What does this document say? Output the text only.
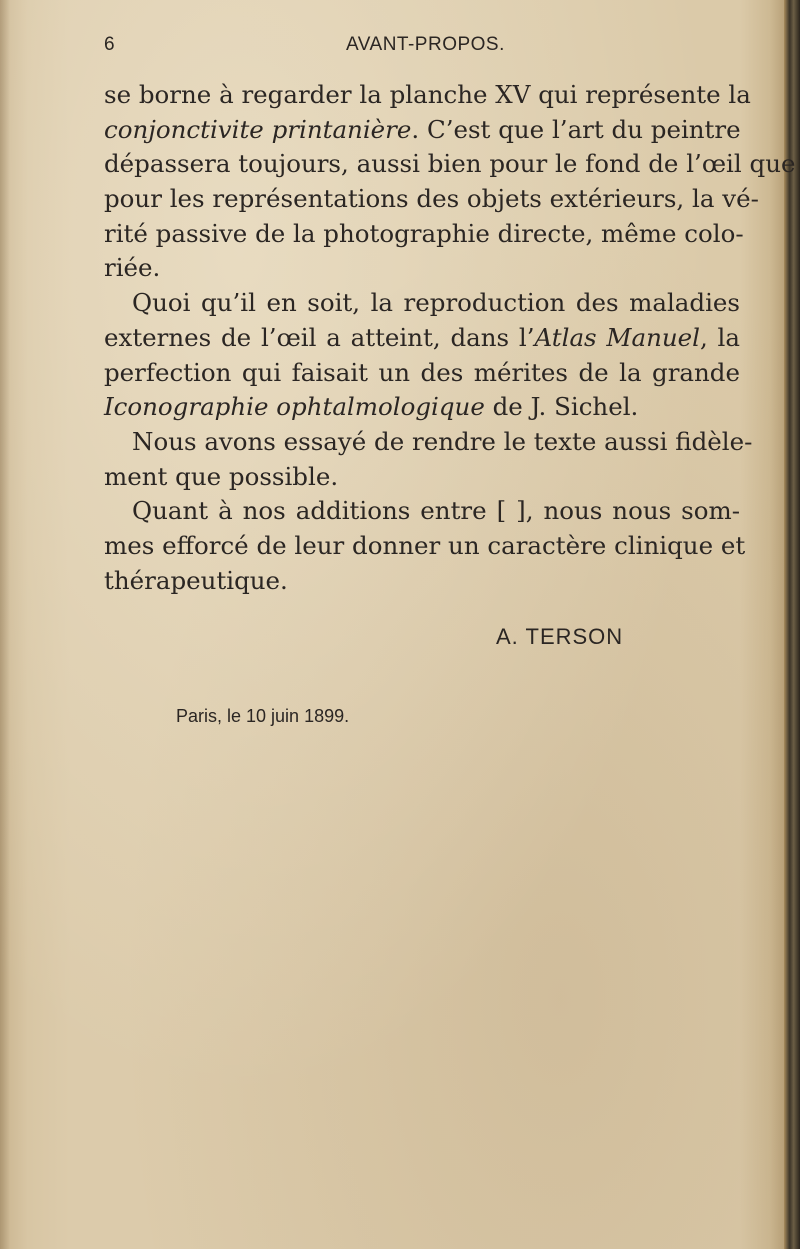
6	AVANT-PROPOS.
se borne à regarder la planche XV qui représente la
conjonctivite printanière. C’est que l’art du peintre
dépassera toujours, aussi bien pour le fond de l’œil que
pour les représentations des objets extérieurs, la vé-
rité passive de la photographie directe, même colo-
riée.
Quoi qu’il en soit, la reproduction des maladies
externes de l’œil a atteint, dans l’Atlas Manuel, la
perfection qui faisait un des mérites de la grande
Iconographie ophtalmologique de J. Sichel.
Nous avons essayé de rendre le texte aussi fidèle-
ment que possible.
Quant à nos additions entre [ ], nous nous som-
mes efforcé de leur donner un caractère clinique et
thérapeutique.
A. TERSON
Paris, le 10 juin 1899.
